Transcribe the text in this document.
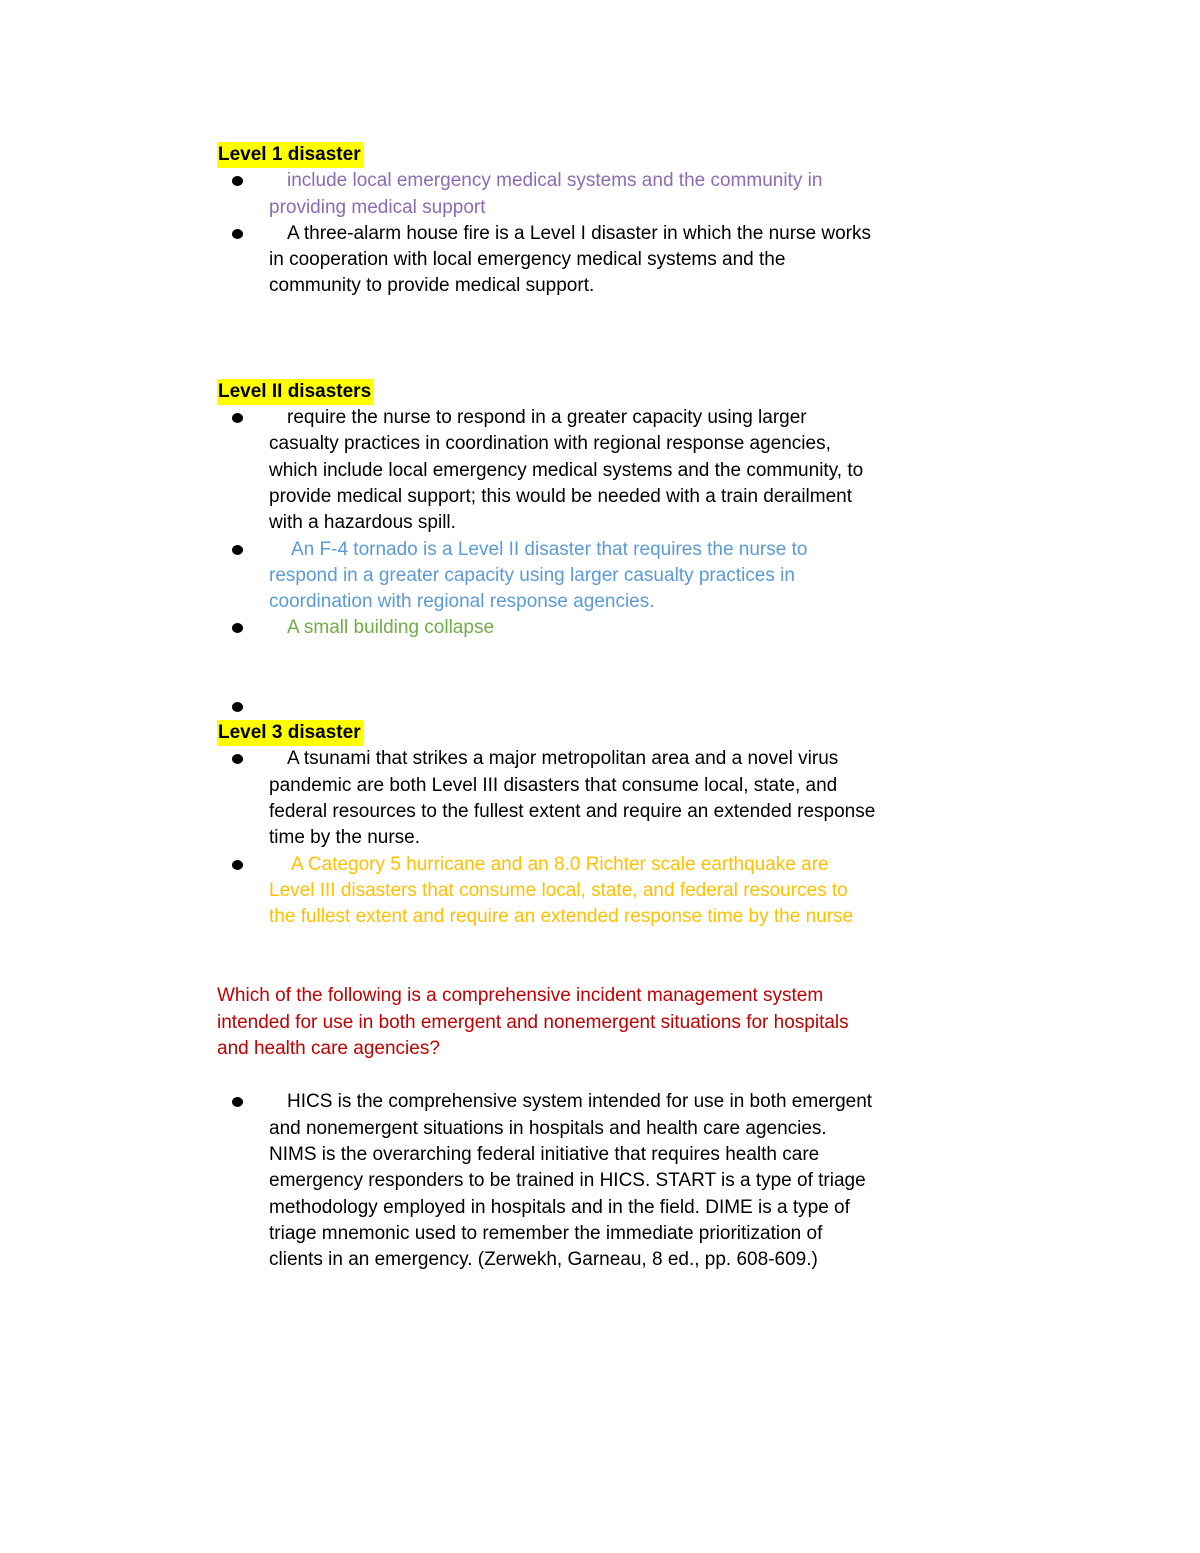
Level 1 disaster
include local emergency medical systems and the community in providing medical support
A three-alarm house fire is a Level I disaster in which the nurse works in cooperation with local emergency medical systems and the community to provide medical support.
Level II disasters
require the nurse to respond in a greater capacity using larger casualty practices in coordination with regional response agencies, which include local emergency medical systems and the community, to provide medical support; this would be needed with a train derailment with a hazardous spill.
An F-4 tornado is a Level II disaster that requires the nurse to respond in a greater capacity using larger casualty practices in coordination with regional response agencies.
A small building collapse
Level 3 disaster
A tsunami that strikes a major metropolitan area and a novel virus pandemic are both Level III disasters that consume local, state, and federal resources to the fullest extent and require an extended response time by the nurse.
A Category 5 hurricane and an 8.0 Richter scale earthquake are Level III disasters that consume local, state, and federal resources to the fullest extent and require an extended response time by the nurse
Which of the following is a comprehensive incident management system intended for use in both emergent and nonemergent situations for hospitals and health care agencies?
HICS is the comprehensive system intended for use in both emergent and nonemergent situations in hospitals and health care agencies. NIMS is the overarching federal initiative that requires health care emergency responders to be trained in HICS. START is a type of triage methodology employed in hospitals and in the field. DIME is a type of triage mnemonic used to remember the immediate prioritization of clients in an emergency. (Zerwekh, Garneau, 8 ed., pp. 608-609.)
